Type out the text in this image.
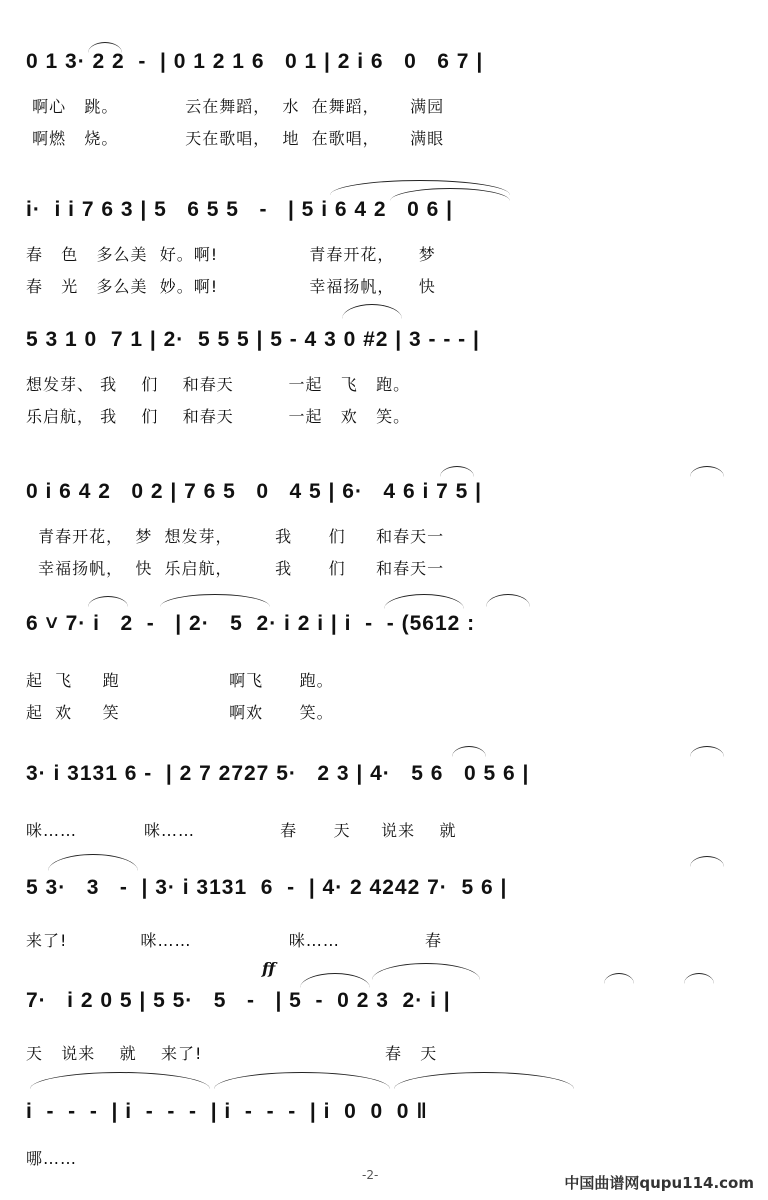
0 1 3· 2 2  -  | 0 1 2 1 6   0 1 | 2 i 6   0   6 7 |
啊心   跳。           云在舞蹈，  水  在舞蹈，     满园
啊燃   烧。           天在歌唱，  地  在歌唱，     满眼
i·  i i 7 6 3 | 5   6 5 5   -   | 5 i 6 4 2   0 6 |
春   色   多么美  好。啊!               青春开花，    梦
春   光   多么美  妙。啊!               幸福扬帆，    快
5 3 1 0  7 1 | 2·  5 5 5 | 5 - 4 3 0 #2 | 3 - - - |
想发芽、 我    们    和春天         一起   飞   跑。
乐启航， 我    们    和春天         一起   欢   笑。
0 i 6 4 2   0 2 | 7 6 5   0   4 5 | 6·   4 6 i 7 5 |
青春开花，  梦  想发芽，       我      们     和春天一
幸福扬帆，  快  乐启航，       我      们     和春天一
6 ˅ 7· i   2  -   | 2·   5  2· i 2 i | i  -  - (5612 :
起  飞     跑                  啊飞      跑。
起  欢     笑                  啊欢      笑。
3· i 3131 6 -  | 2 7 2727 5·   2 3 | 4·   5 6   0 5 6 |
咪……           咪……              春      天     说来    就
5 3·   3   -  | 3· i 3131  6  -  | 4· 2 4242 7·  5 6 |
来了!            咪……                咪……              春
ff
7·   i 2 0 5 | 5 5·   5   -   | 5  -  0 2 3  2· i |
天   说来    就    来了!                              春   天
i  -  -  -  | i  -  -  -  | i  -  -  -  | i  0  0  0 ‖
哪……
-2-	中国曲谱网qupu114.com
